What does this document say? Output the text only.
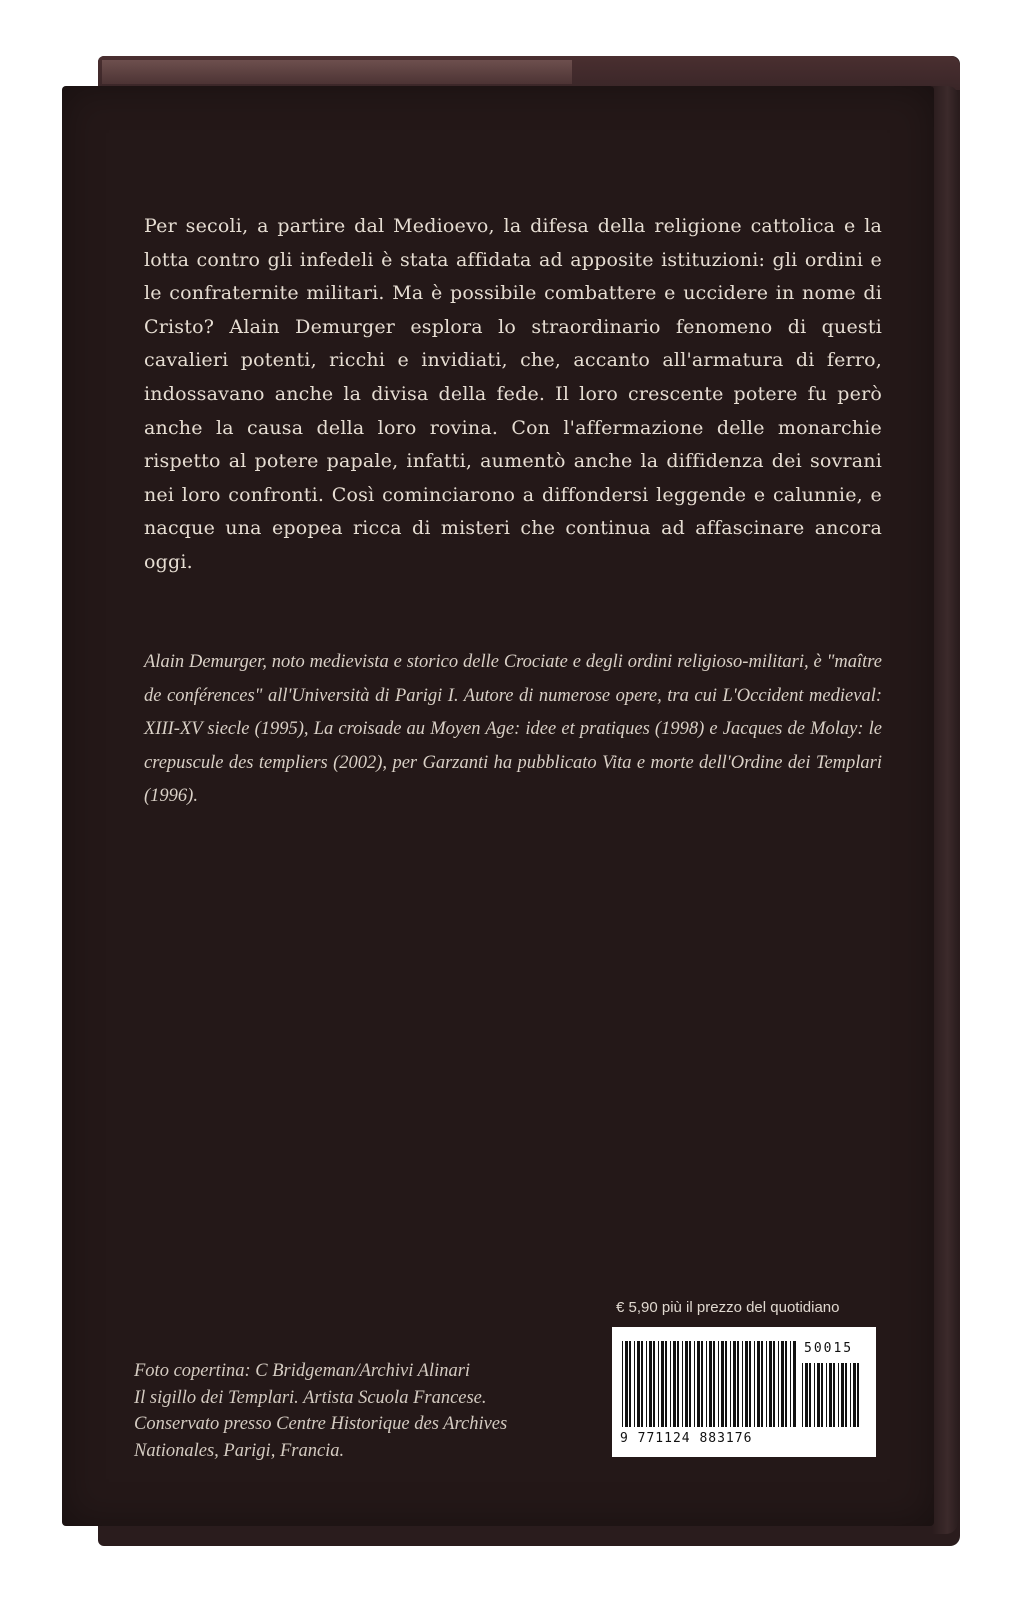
Per secoli, a partire dal Medioevo, la difesa della religione cattolica e la lotta contro gli infedeli è stata affidata ad apposite istituzioni: gli ordini e le confraternite militari. Ma è possibile combattere e uccidere in nome di Cristo? Alain Demurger esplora lo straordinario fenomeno di questi cavalieri potenti, ricchi e invidiati, che, accanto all'armatura di ferro, indossavano anche la divisa della fede. Il loro crescente potere fu però anche la causa della loro rovina. Con l'affermazione delle monarchie rispetto al potere papale, infatti, aumentò anche la diffidenza dei sovrani nei loro confronti. Così cominciarono a diffondersi leggende e calunnie, e nacque una epopea ricca di misteri che continua ad affascinare ancora oggi.

Alain Demurger, noto medievista e storico delle Crociate e degli ordini religioso-militari, è "maître de conférences" all'Università di Parigi I. Autore di numerose opere, tra cui L'Occident medieval: XIII-XV siecle (1995), La croisade au Moyen Age: idee et pratiques (1998) e Jacques de Molay: le crepuscule des templiers (2002), per Garzanti ha pubblicato Vita e morte dell'Ordine dei Templari (1996).

Foto copertina: C Bridgeman/Archivi Alinari
Il sigillo dei Templari. Artista Scuola Francese.
Conservato presso Centre Historique des Archives
Nationales, Parigi, Francia.
€ 5,90 più il prezzo del quotidiano
50015
9 771124 883176
